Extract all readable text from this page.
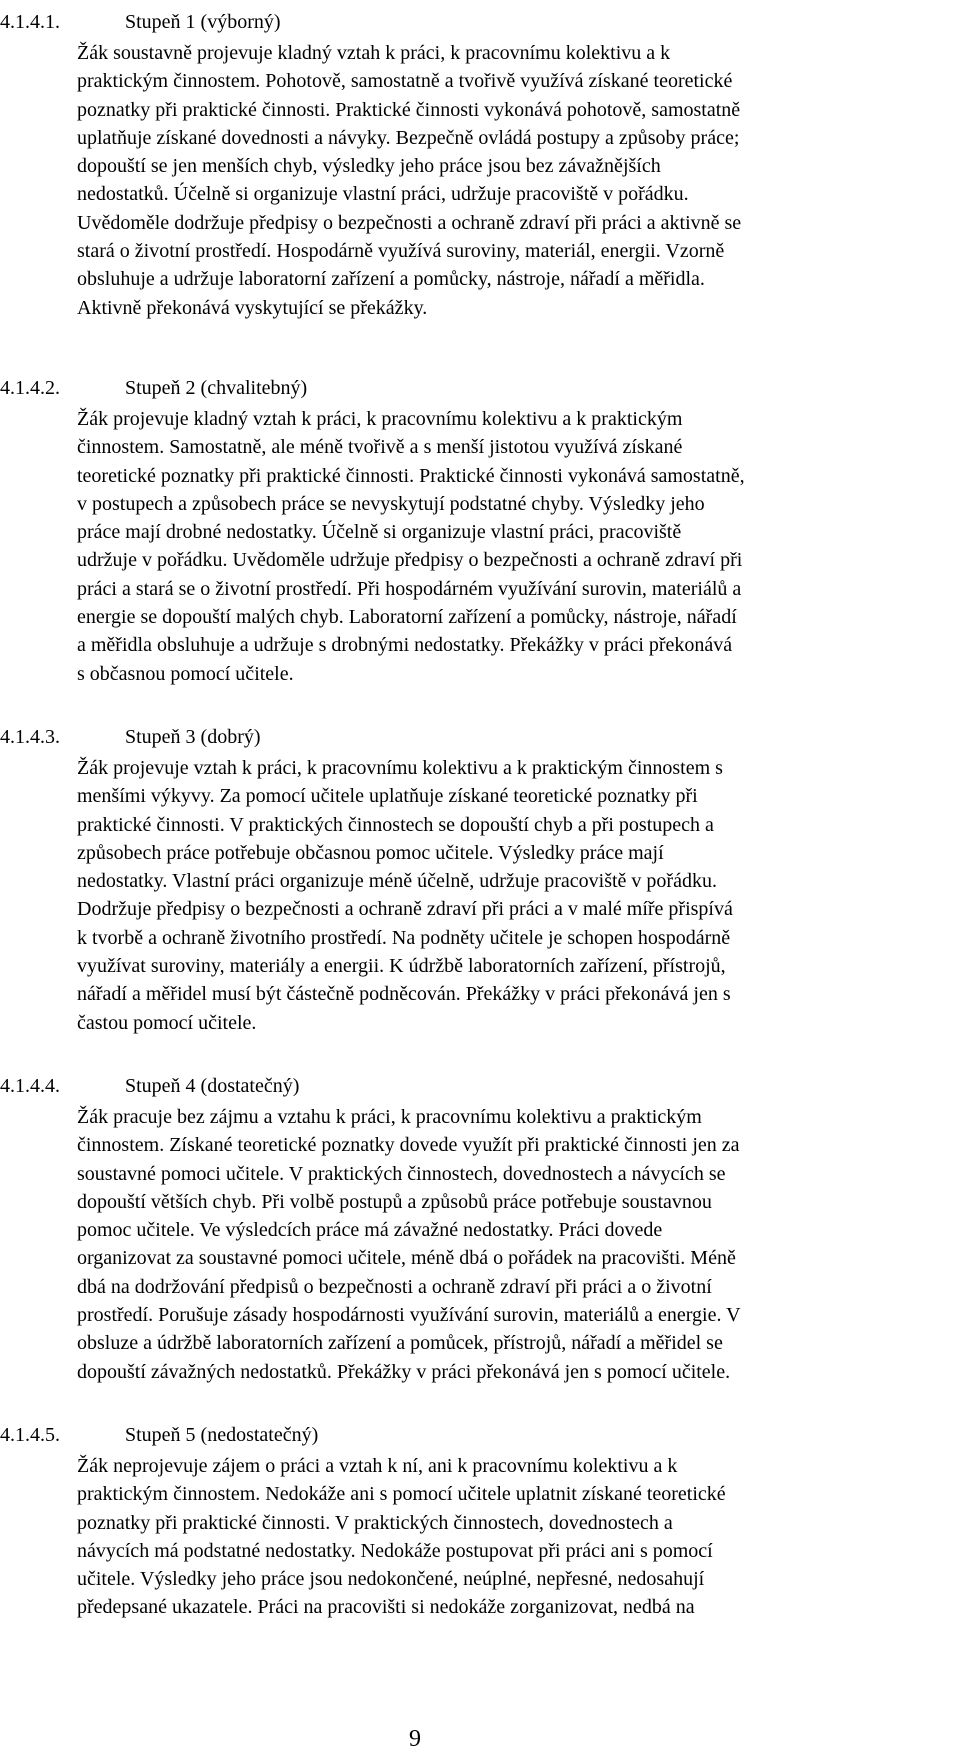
4.1.4.1.	Stupeň 1 (výborný)
Žák soustavně projevuje kladný vztah k práci, k pracovnímu kolektivu a k
praktickým činnostem. Pohotově, samostatně a tvořivě využívá získané teoretické
poznatky při praktické činnosti. Praktické činnosti vykonává pohotově, samostatně
uplatňuje získané dovednosti a návyky. Bezpečně ovládá postupy a způsoby práce;
dopouští se jen menších chyb, výsledky jeho práce jsou bez závažnějších
nedostatků. Účelně si organizuje vlastní práci, udržuje pracoviště v pořádku.
Uvědoměle dodržuje předpisy o bezpečnosti a ochraně zdraví při práci a aktivně se
stará o životní prostředí. Hospodárně využívá suroviny, materiál, energii. Vzorně
obsluhuje a udržuje laboratorní zařízení a pomůcky, nástroje, nářadí a měřidla.
Aktivně překonává vyskytující se překážky.
4.1.4.2.	Stupeň 2 (chvalitebný)
Žák projevuje kladný vztah k práci, k pracovnímu kolektivu a k praktickým
činnostem. Samostatně, ale méně tvořivě a s menší jistotou využívá získané
teoretické poznatky při praktické činnosti. Praktické činnosti vykonává samostatně,
v postupech a způsobech práce se nevyskytují podstatné chyby. Výsledky jeho
práce mají drobné nedostatky. Účelně si organizuje vlastní práci, pracoviště
udržuje v pořádku. Uvědoměle udržuje předpisy o bezpečnosti a ochraně zdraví při
práci a stará se o životní prostředí. Při hospodárném využívání surovin, materiálů a
energie se dopouští malých chyb. Laboratorní zařízení a pomůcky, nástroje, nářadí
a měřidla obsluhuje a udržuje s drobnými nedostatky. Překážky v práci překonává
s občasnou pomocí učitele.
4.1.4.3.	Stupeň 3 (dobrý)
Žák projevuje vztah k práci, k pracovnímu kolektivu a k praktickým činnostem s
menšími výkyvy. Za pomocí učitele uplatňuje získané teoretické poznatky při
praktické činnosti. V praktických činnostech se dopouští chyb a při postupech a
způsobech práce potřebuje občasnou pomoc učitele. Výsledky práce mají
nedostatky. Vlastní práci organizuje méně účelně, udržuje pracoviště v pořádku.
Dodržuje předpisy o bezpečnosti a ochraně zdraví při práci a v malé míře přispívá
k tvorbě a ochraně životního prostředí. Na podněty učitele je schopen hospodárně
využívat suroviny, materiály a energii. K údržbě laboratorních zařízení, přístrojů,
nářadí a měřidel musí být částečně podněcován. Překážky v práci překonává jen s
častou pomocí učitele.
4.1.4.4.	Stupeň 4 (dostatečný)
Žák pracuje bez zájmu a vztahu k práci, k pracovnímu kolektivu a praktickým
činnostem. Získané teoretické poznatky dovede využít při praktické činnosti jen za
soustavné pomoci učitele. V praktických činnostech, dovednostech a návycích se
dopouští větších chyb. Při volbě postupů a způsobů práce potřebuje soustavnou
pomoc učitele. Ve výsledcích práce má závažné nedostatky. Práci dovede
organizovat za soustavné pomoci učitele, méně dbá o pořádek na pracovišti. Méně
dbá na dodržování předpisů o bezpečnosti a ochraně zdraví při práci a o životní
prostředí. Porušuje zásady hospodárnosti využívání surovin, materiálů a energie. V
obsluze a údržbě laboratorních zařízení a pomůcek, přístrojů, nářadí a měřidel se
dopouští závažných nedostatků. Překážky v práci překonává jen s pomocí učitele.
4.1.4.5.	Stupeň 5 (nedostatečný)
Žák neprojevuje zájem o práci a vztah k ní, ani k pracovnímu kolektivu a k
praktickým činnostem. Nedokáže ani s pomocí učitele uplatnit získané teoretické
poznatky při praktické činnosti. V praktických činnostech, dovednostech a
návycích má podstatné nedostatky. Nedokáže postupovat při práci ani s pomocí
učitele. Výsledky jeho práce jsou nedokončené, neúplné, nepřesné, nedosahují
předepsané ukazatele. Práci na pracovišti si nedokáže zorganizovat, nedbá na
9
